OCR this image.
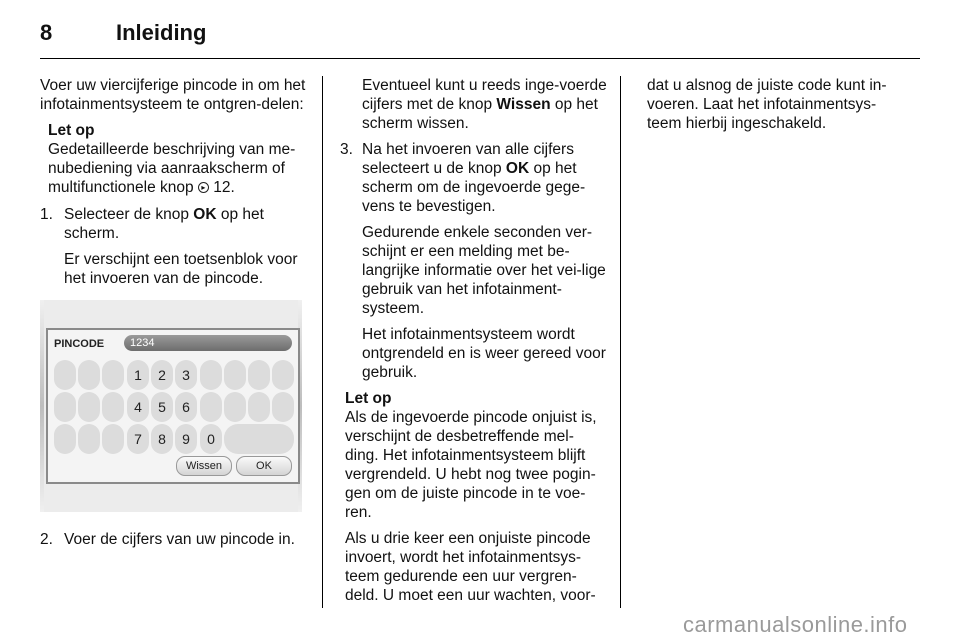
8	Inleiding

Voer uw viercijferige pincode in om het infotainmentsysteem te ontgren-delen:

Let op
Gedetailleerde beschrijving van me-nubediening via aanraakscherm of multifunctionele knop ▸ 12.
1. Selecteer de knop OK op het scherm.

Er verschijnt een toetsenblok voor het invoeren van de pincode.

PINCODE	1234
1	2	3
4	5	6
7	8	9	0
Wissen	OK
2. Voer de cijfers van uw pincode in.

Eventueel kunt u reeds inge-voerde cijfers met de knop Wissen op het scherm wissen.

3. Na het invoeren van alle cijfers selecteert u de knop OK op het scherm om de ingevoerde gege-vens te bevestigen.

Gedurende enkele seconden ver-schijnt er een melding met be-langrijke informatie over het vei-lige gebruik van het infotainment-systeem.

Het infotainmentsysteem wordt ontgrendeld en is weer gereed voor gebruik.

Let op

Als de ingevoerde pincode onjuist is, verschijnt de desbetreffende mel-ding. Het infotainmentsysteem blijft vergrendeld. U hebt nog twee pogin-gen om de juiste pincode in te voe-ren.

Als u drie keer een onjuiste pincode invoert, wordt het infotainmentsys-teem gedurende een uur vergren-deld. U moet een uur wachten, voor-

dat u alsnog de juiste code kunt in-voeren. Laat het infotainmentsys-teem hierbij ingeschakeld.

carmanualsonline.info
